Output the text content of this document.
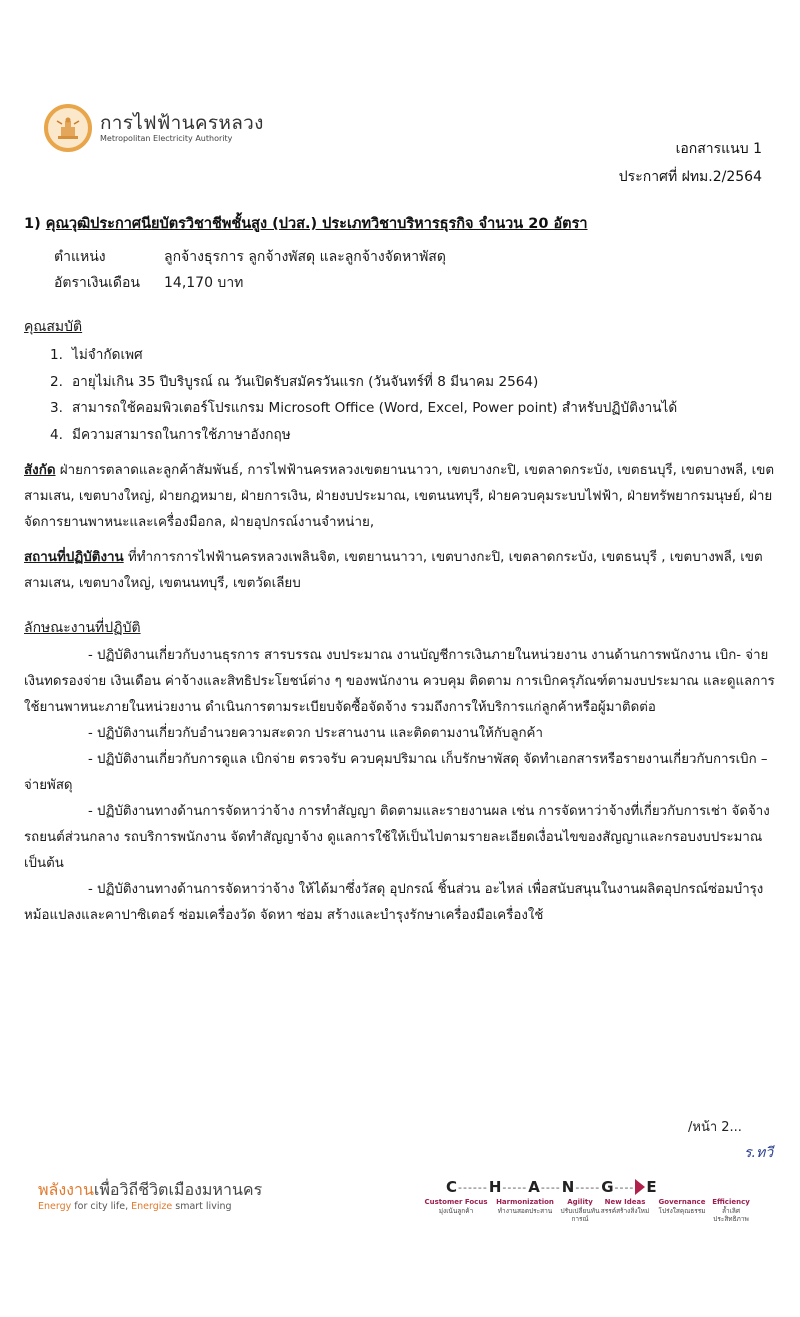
การไฟฟ้านครหลวง
Metropolitan Electricity Authority
เอกสารแนบ 1
ประกาศที่ ฝทม.2/2564
1) คุณวุฒิประกาศนียบัตรวิชาชีพชั้นสูง (ปวส.) ประเภทวิชาบริหารธุรกิจ จำนวน 20 อัตรา
ตำแหน่ง	ลูกจ้างธุรการ ลูกจ้างพัสดุ และลูกจ้างจัดหาพัสดุ
อัตราเงินเดือน	14,170 บาท
คุณสมบัติ
1. ไม่จำกัดเพศ
2. อายุไม่เกิน 35 ปีบริบูรณ์ ณ วันเปิดรับสมัครวันแรก (วันจันทร์ที่ 8 มีนาคม 2564)
3. สามารถใช้คอมพิวเตอร์โปรแกรม Microsoft Office (Word, Excel, Power point) สำหรับปฏิบัติงานได้
4. มีความสามารถในการใช้ภาษาอังกฤษ
สังกัด ฝ่ายการตลาดและลูกค้าสัมพันธ์, การไฟฟ้านครหลวงเขตยานนาวา, เขตบางกะปิ, เขตลาดกระบัง, เขตธนบุรี, เขตบางพลี, เขตสามเสน, เขตบางใหญ่, ฝ่ายกฎหมาย, ฝ่ายการเงิน, ฝ่ายงบประมาณ, เขตนนทบุรี, ฝ่ายควบคุมระบบไฟฟ้า, ฝ่ายทรัพยากรมนุษย์, ฝ่ายจัดการยานพาหนะและเครื่องมือกล, ฝ่ายอุปกรณ์งานจำหน่าย,
สถานที่ปฏิบัติงาน ที่ทำการการไฟฟ้านครหลวงเพลินจิต, เขตยานนาวา, เขตบางกะปิ, เขตลาดกระบัง, เขตธนบุรี , เขตบางพลี, เขตสามเสน, เขตบางใหญ่, เขตนนทบุรี, เขตวัดเลียบ
ลักษณะงานที่ปฏิบัติ

- ปฏิบัติงานเกี่ยวกับงานธุรการ สารบรรณ งบประมาณ งานบัญชีการเงินภายในหน่วยงาน งานด้านการพนักงาน เบิก- จ่ายเงินทดรองจ่าย เงินเดือน ค่าจ้างและสิทธิประโยชน์ต่าง ๆ ของพนักงาน ควบคุม ติดตาม การเบิกครุภัณฑ์ตามงบประมาณ และดูแลการใช้ยานพาหนะภายในหน่วยงาน ดำเนินการตามระเบียบจัดซื้อจัดจ้าง รวมถึงการให้บริการแก่ลูกค้าหรือผู้มาติดต่อ

- ปฏิบัติงานเกี่ยวกับอำนวยความสะดวก ประสานงาน และติดตามงานให้กับลูกค้า

- ปฏิบัติงานเกี่ยวกับการดูแล เบิกจ่าย ตรวจรับ ควบคุมปริมาณ เก็บรักษาพัสดุ จัดทำเอกสารหรือรายงานเกี่ยวกับการเบิก – จ่ายพัสดุ

- ปฏิบัติงานทางด้านการจัดหาว่าจ้าง การทำสัญญา ติดตามและรายงานผล เช่น การจัดหาว่าจ้างที่เกี่ยวกับการเช่า จัดจ้างรถยนต์ส่วนกลาง รถบริการพนักงาน จัดทำสัญญาจ้าง ดูแลการใช้ให้เป็นไปตามรายละเอียดเงื่อนไขของสัญญาและกรอบงบประมาณ เป็นต้น

- ปฏิบัติงานทางด้านการจัดหาว่าจ้าง ให้ได้มาซึ่งวัสดุ อุปกรณ์ ชิ้นส่วน อะไหล่ เพื่อสนับสนุนในงานผลิตอุปกรณ์ซ่อมบำรุงหม้อแปลงและคาปาซิเตอร์ ซ่อมเครื่องวัด จัดหา ซ่อม สร้างและบำรุงรักษาเครื่องมือเครื่องใช้

/หน้า 2...
ร.ทวี
พลังงานเพื่อวิถีชีวิตเมืองมหานคร
Energy for city life, Energize smart living
C ------ H ----- A ---- N ----- G ---- E
Customer Focus
มุ่งเน้นลูกค้า
Harmonization
ทำงานสอดประสาน
Agility
ปรับเปลี่ยนทันการณ์
New Ideas
สรรค์สร้างสิ่งใหม่
Governance
โปร่งใสคุณธรรม
Efficiency
ล้ำเลิศประสิทธิภาพ
